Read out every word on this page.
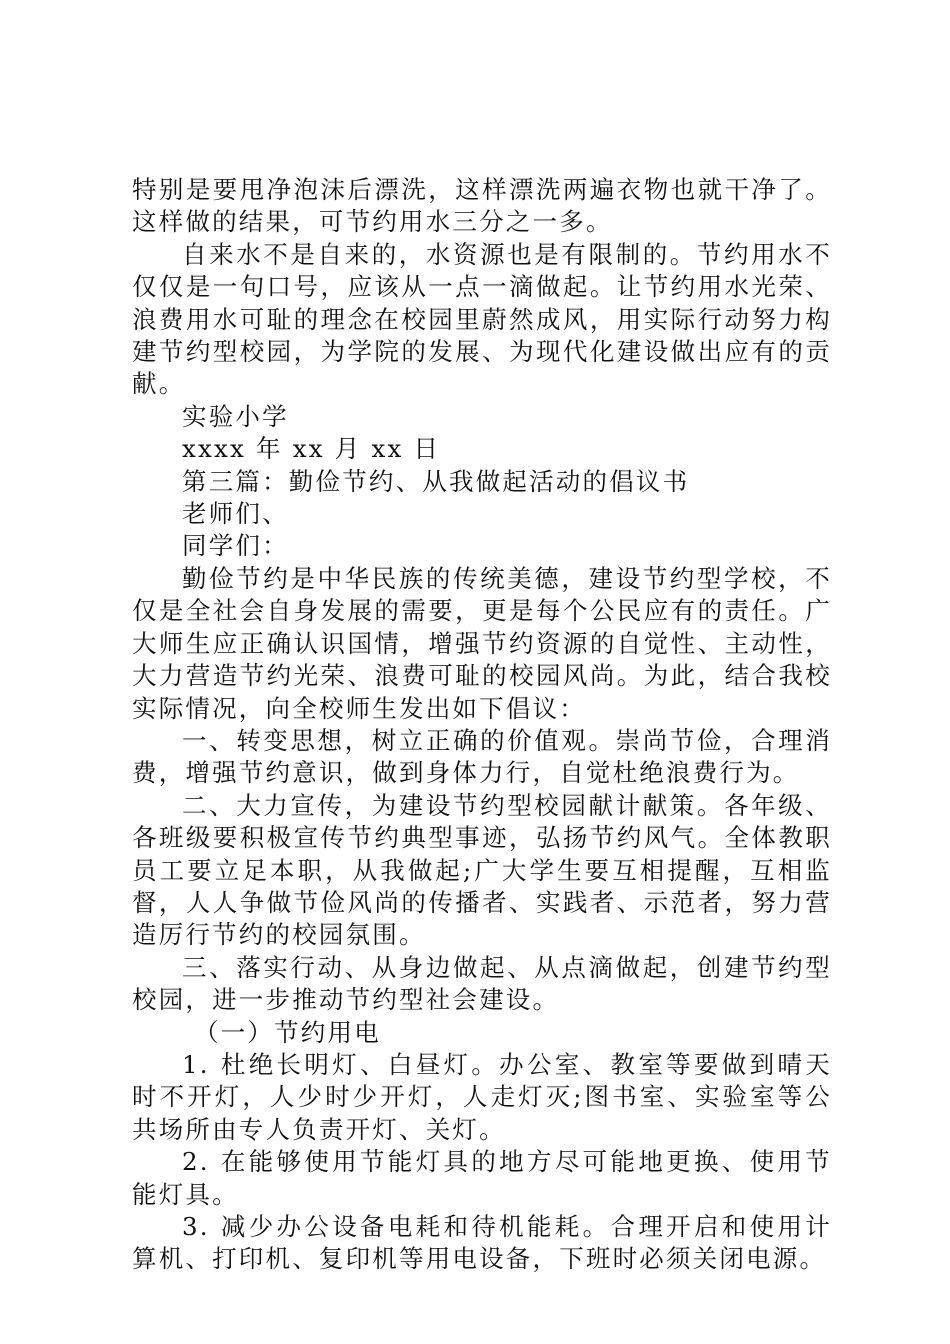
特别是要甩净泡沫后漂洗，这样漂洗两遍衣物也就干净了。这样做的结果，可节约用水三分之一多。

自来水不是自来的，水资源也是有限制的。节约用水不仅仅是一句口号，应该从一点一滴做起。让节约用水光荣、浪费用水可耻的理念在校园里蔚然成风，用实际行动努力构建节约型校园，为学院的发展、为现代化建设做出应有的贡献。

实验小学

xxxx 年 xx 月 xx 日

第三篇：勤俭节约、从我做起活动的倡议书

老师们、

同学们：

勤俭节约是中华民族的传统美德，建设节约型学校，不仅是全社会自身发展的需要，更是每个公民应有的责任。广大师生应正确认识国情，增强节约资源的自觉性、主动性，大力营造节约光荣、浪费可耻的校园风尚。为此，结合我校实际情况，向全校师生发出如下倡议：

一、转变思想，树立正确的价值观。崇尚节俭，合理消费，增强节约意识，做到身体力行，自觉杜绝浪费行为。

二、大力宣传，为建设节约型校园献计献策。各年级、各班级要积极宣传节约典型事迹，弘扬节约风气。全体教职员工要立足本职，从我做起;广大学生要互相提醒，互相监督，人人争做节俭风尚的传播者、实践者、示范者，努力营造厉行节约的校园氛围。

三、落实行动、从身边做起、从点滴做起，创建节约型校园，进一步推动节约型社会建设。

（一）节约用电

1. 杜绝长明灯、白昼灯。办公室、教室等要做到晴天时不开灯，人少时少开灯，人走灯灭;图书室、实验室等公共场所由专人负责开灯、关灯。

2. 在能够使用节能灯具的地方尽可能地更换、使用节能灯具。

3. 减少办公设备电耗和待机能耗。合理开启和使用计算机、打印机、复印机等用电设备，下班时必须关闭电源。
